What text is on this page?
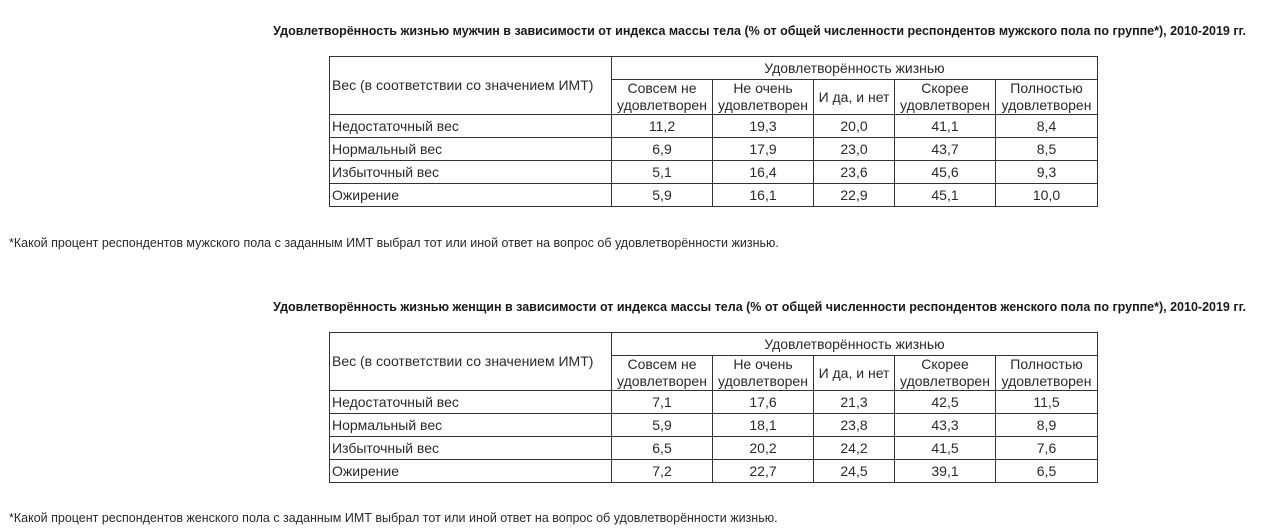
Удовлетворённость жизнью мужчин в зависимости от индекса массы тела (% от общей численности респондентов мужского пола по группе*), 2010-2019 гг.
Вес (в соответствии со значением ИМТ)	Удовлетворённость жизнью				
	Совсем не удовлетворен	Не очень удовлетворен	И да, и нет	Скорее удовлетворен	Полностью удовлетворен
Недостаточный вес	11,2	19,3	20,0	41,1	8,4
Нормальный вес	6,9	17,9	23,0	43,7	8,5
Избыточный вес	5,1	16,4	23,6	45,6	9,3
Ожирение	5,9	16,1	22,9	45,1	10,0
*Какой процент респондентов мужского пола с заданным ИМТ выбрал тот или иной ответ на вопрос об удовлетворённости жизнью.
Удовлетворённость жизнью женщин в зависимости от индекса массы тела (% от общей численности респондентов женского пола по группе*), 2010-2019 гг.
Вес (в соответствии со значением ИМТ)	Удовлетворённость жизнью				
	Совсем не удовлетворен	Не очень удовлетворен	И да, и нет	Скорее удовлетворен	Полностью удовлетворен
Недостаточный вес	7,1	17,6	21,3	42,5	11,5
Нормальный вес	5,9	18,1	23,8	43,3	8,9
Избыточный вес	6,5	20,2	24,2	41,5	7,6
Ожирение	7,2	22,7	24,5	39,1	6,5
*Какой процент респондентов женского пола с заданным ИМТ выбрал тот или иной ответ на вопрос об удовлетворённости жизнью.
